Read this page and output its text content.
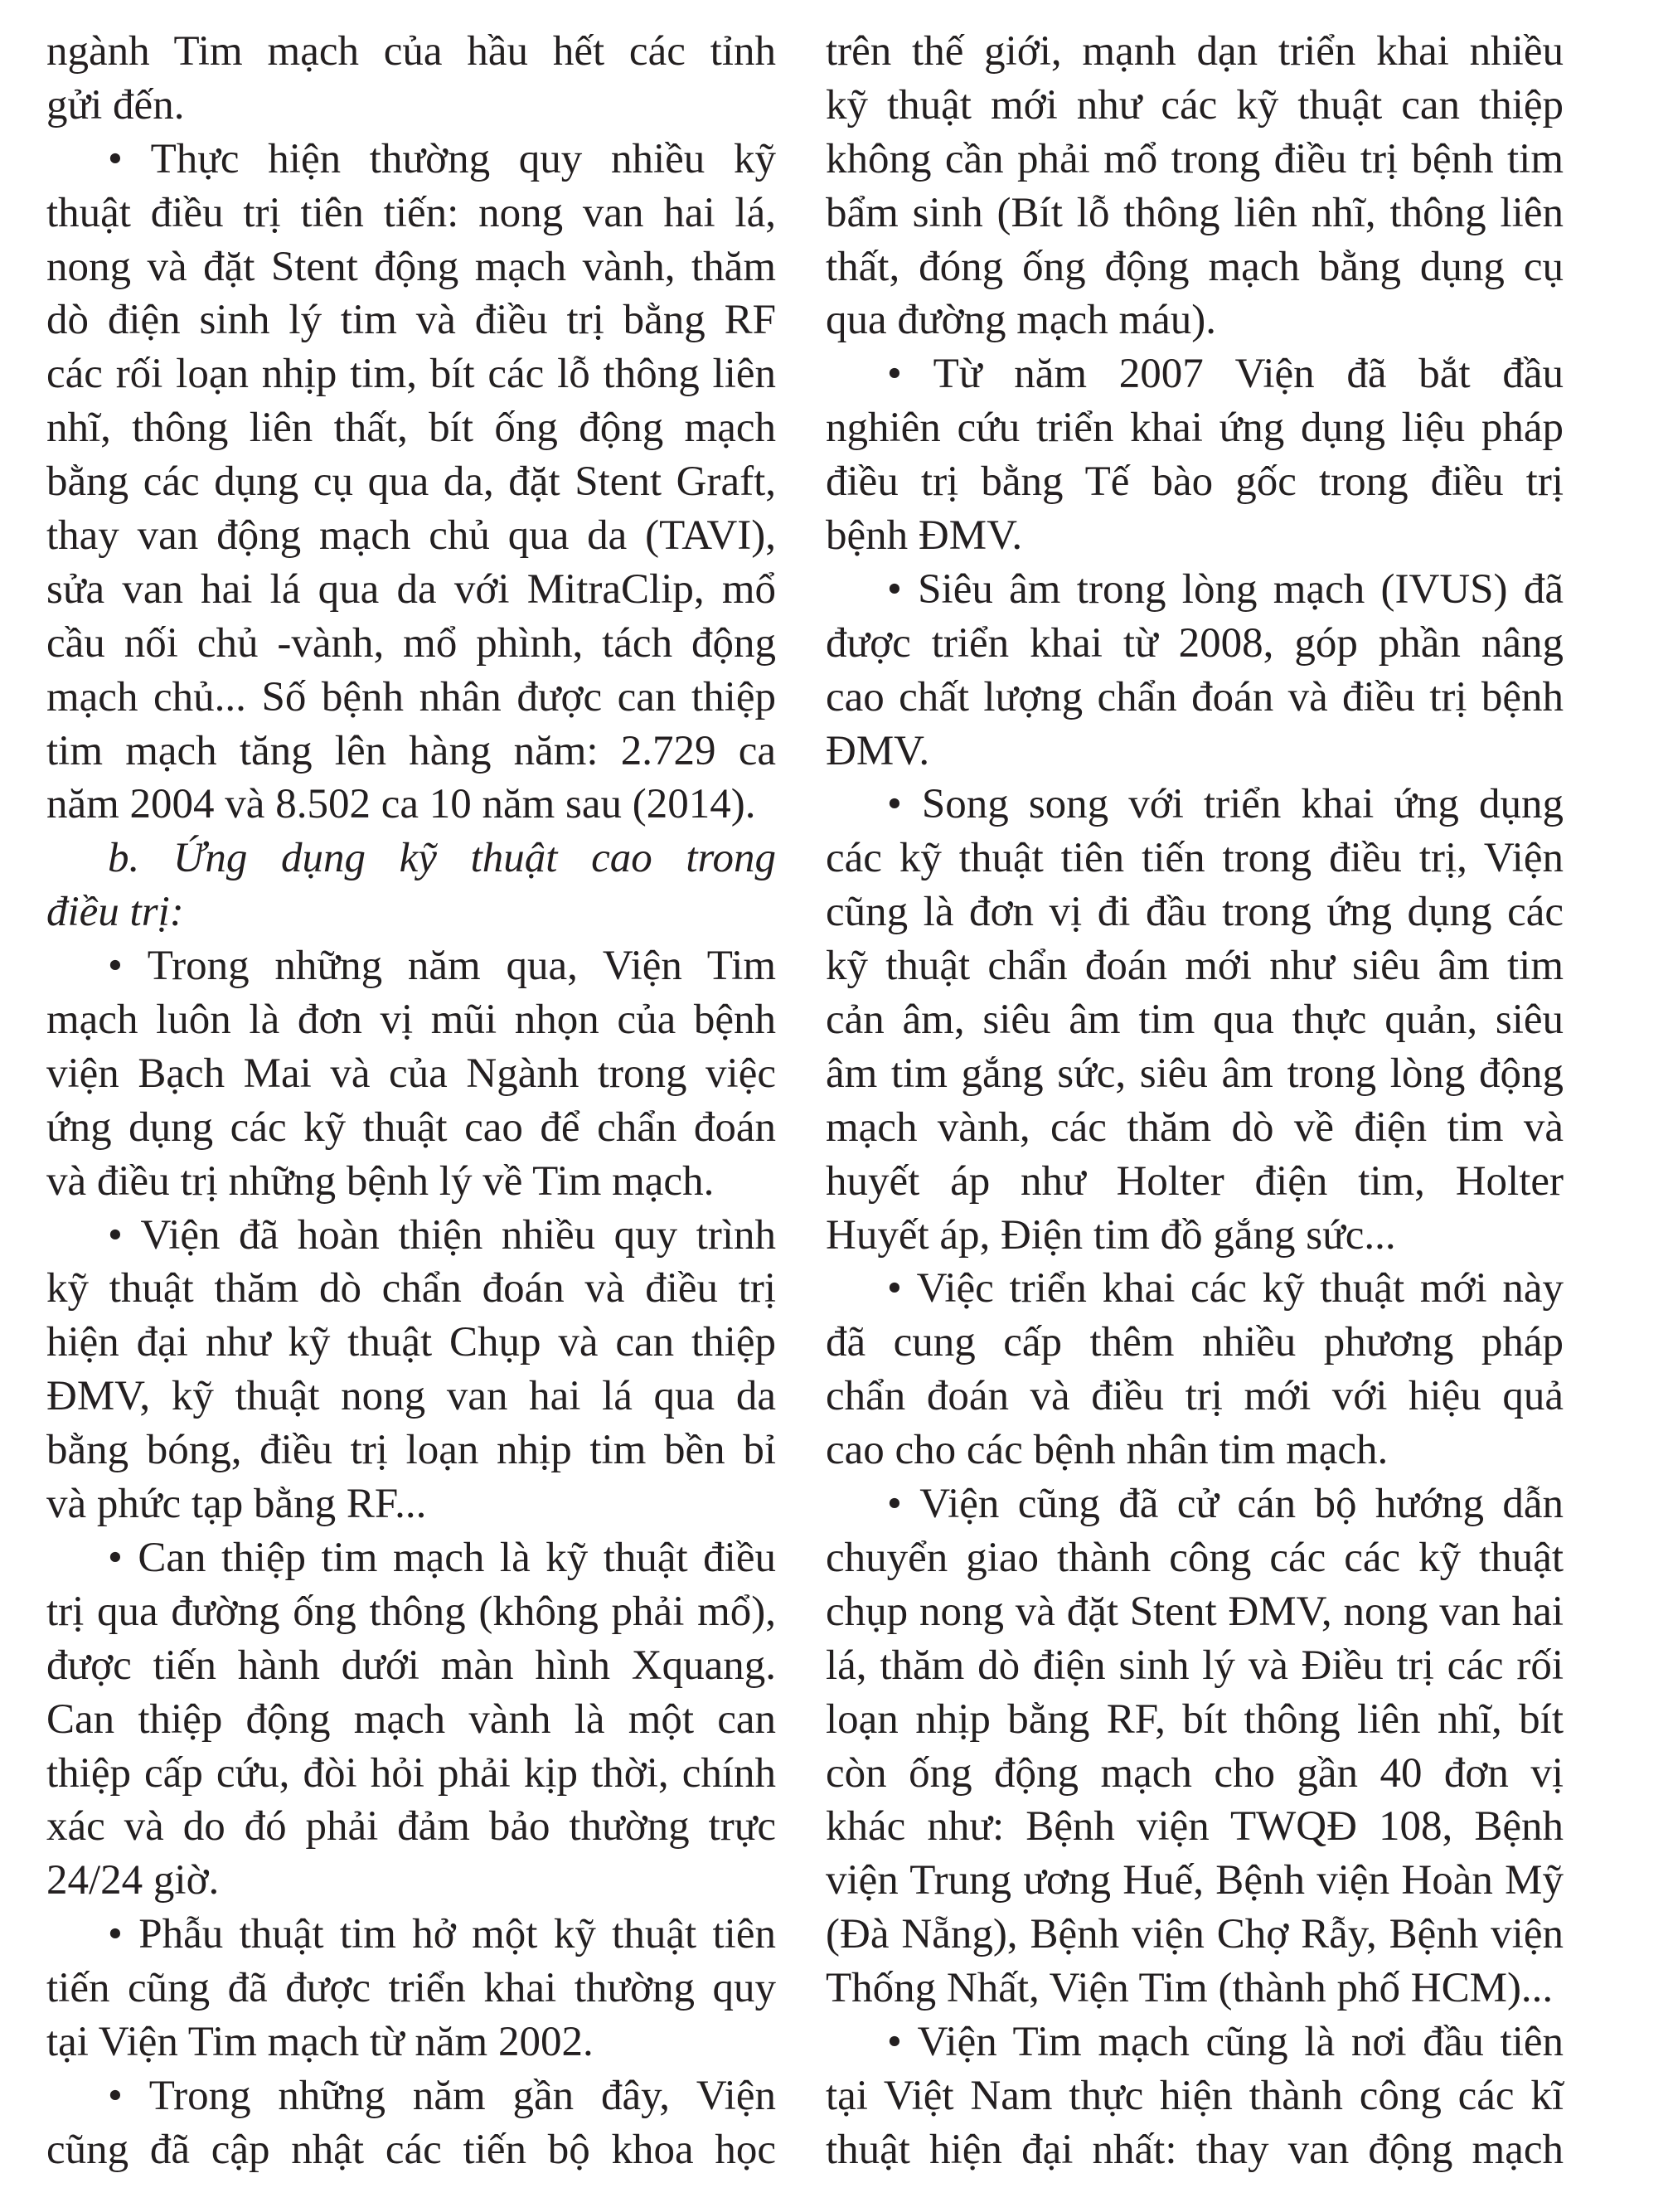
ngành Tim mạch của hầu hết các tỉnh
gửi đến.
• Thực hiện thường quy nhiều kỹ
thuật điều trị tiên tiến: nong van hai lá,
nong và đặt Stent động mạch vành, thăm
dò điện sinh lý tim và điều trị bằng RF
các rối loạn nhịp tim, bít các lỗ thông liên
nhĩ, thông liên thất, bít ống động mạch
bằng các dụng cụ qua da, đặt Stent Graft,
thay van động mạch chủ qua da (TAVI),
sửa van hai lá qua da với MitraClip, mổ
cầu nối chủ -vành, mổ phình, tách động
mạch chủ... Số bệnh nhân được can thiệp
tim mạch tăng lên hàng năm: 2.729 ca
năm 2004 và 8.502 ca 10 năm sau (2014).
b. Ứng dụng kỹ thuật cao trong
điều trị:
• Trong những năm qua, Viện Tim
mạch luôn là đơn vị mũi nhọn của bệnh
viện Bạch Mai và của Ngành trong việc
ứng dụng các kỹ thuật cao để chẩn đoán
và điều trị những bệnh lý về Tim mạch.
• Viện đã hoàn thiện nhiều quy trình
kỹ thuật thăm dò chẩn đoán và điều trị
hiện đại như kỹ thuật Chụp và can thiệp
ĐMV, kỹ thuật nong van hai lá qua da
bằng bóng, điều trị loạn nhịp tim bền bỉ
và phức tạp bằng RF...
• Can thiệp tim mạch là kỹ thuật điều
trị qua đường ống thông (không phải mổ),
được tiến hành dưới màn hình Xquang.
Can thiệp động mạch vành là một can
thiệp cấp cứu, đòi hỏi phải kịp thời, chính
xác và do đó phải đảm bảo thường trực
24/24 giờ.
• Phẫu thuật tim hở một kỹ thuật tiên
tiến cũng đã được triển khai thường quy
tại Viện Tim mạch từ năm 2002.
• Trong những năm gần đây, Viện
cũng đã cập nhật các tiến bộ khoa học
trên thế giới, mạnh dạn triển khai nhiều
kỹ thuật mới như các kỹ thuật can thiệp
không cần phải mổ trong điều trị bệnh tim
bẩm sinh (Bít lỗ thông liên nhĩ, thông liên
thất, đóng ống động mạch bằng dụng cụ
qua đường mạch máu).
• Từ năm 2007 Viện đã bắt đầu
nghiên cứu triển khai ứng dụng liệu pháp
điều trị bằng Tế bào gốc trong điều trị
bệnh ĐMV.
• Siêu âm trong lòng mạch (IVUS) đã
được triển khai từ 2008, góp phần nâng
cao chất lượng chẩn đoán và điều trị bệnh
ĐMV.
• Song song với triển khai ứng dụng
các kỹ thuật tiên tiến trong điều trị, Viện
cũng là đơn vị đi đầu trong ứng dụng các
kỹ thuật chẩn đoán mới như siêu âm tim
cản âm, siêu âm tim qua thực quản, siêu
âm tim gắng sức, siêu âm trong lòng động
mạch vành, các thăm dò về điện tim và
huyết áp như Holter điện tim, Holter
Huyết áp, Điện tim đồ gắng sức...
• Việc triển khai các kỹ thuật mới này
đã cung cấp thêm nhiều phương pháp
chẩn đoán và điều trị mới với hiệu quả
cao cho các bệnh nhân tim mạch.
• Viện cũng đã cử cán bộ hướng dẫn
chuyển giao thành công các các kỹ thuật
chụp nong và đặt Stent ĐMV, nong van hai
lá, thăm dò điện sinh lý và Điều trị các rối
loạn nhịp bằng RF, bít thông liên nhĩ, bít
còn ống động mạch cho gần 40 đơn vị
khác như: Bệnh viện TWQĐ 108, Bệnh
viện Trung ương Huế, Bệnh viện Hoàn Mỹ
(Đà Nẵng), Bệnh viện Chợ Rẫy, Bệnh viện
Thống Nhất, Viện Tim (thành phố HCM)...
• Viện Tim mạch cũng là nơi đầu tiên
tại Việt Nam thực hiện thành công các kĩ
thuật hiện đại nhất: thay van động mạch
